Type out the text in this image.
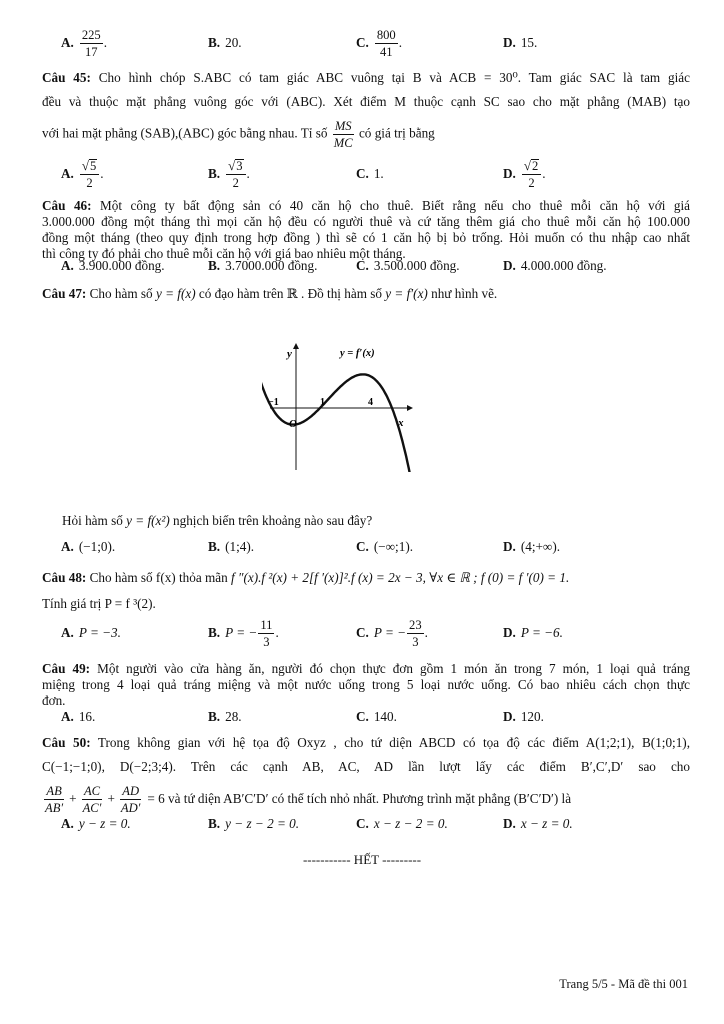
A. $\frac{225}{17}$ .	B. 20.	C. $\frac{800}{41}$ .	D. 15.
Câu 45: Cho hình chóp S.ABC có tam giác ABC vuông tại B và ACB = 30⁰. Tam giác SAC là tam giác
đều và thuộc mặt phẳng vuông góc với (ABC). Xét điểm M thuộc cạnh SC sao cho mặt phẳng (MAB) tạo
với hai mặt phẳng (SAB),(ABC) góc bằng nhau. Tỉ số $\frac{MS}{MC}$ có giá trị bằng
A. $\frac{√ 5}{2}$ .	B. $\frac{√ 3}{2}$ .	C. 1.	D. $\frac{√ 2}{2}$ .
Câu 46: Một công ty bất động sản có 40 căn hộ cho thuê. Biết rằng nếu cho thuê mỗi căn hộ với giá
3.000.000 đồng một tháng thì mọi căn hộ đều có người thuê và cứ tăng thêm giá cho thuê mỗi căn hộ 100.000
đồng một tháng (theo quy định trong hợp đồng ) thì sẽ có 1 căn hộ bị bỏ trống. Hỏi muốn có thu nhập cao nhất
thì công ty đó phải cho thuê mỗi căn hộ với giá bao nhiêu một tháng.
A. 3.900.000 đồng.	B. 3.7000.000 đồng.	C. 3.500.000 đồng.	D. 4.000.000 đồng.
Câu 47: Cho hàm số y = f(x) có đạo hàm trên ℝ . Đồ thị hàm số y = f′(x) như hình vẽ.
y
x
O
−1	1	4
y = f′(x)
Hỏi hàm số y = f(x²) nghịch biến trên khoảng nào sau đây?
A. (−1;0).	B. (1;4).	C. (−∞;1).	D. (4;+∞).
Câu 48: Cho hàm số f(x) thỏa mãn f ″(x).f ²(x) + 2[f ′(x)]².f (x) = 2x − 3, ∀x ∈ ℝ ; f (0) = f ′(0) = 1.
Tính giá trị P = f ³(2).
A. P = −3.	B. P = − $\frac{11}{3}$ .	C. P = − $\frac{23}{3}$ .	D. P = −6.
Câu 49: Một người vào cửa hàng ăn, người đó chọn thực đơn gồm 1 món ăn trong 7 món, 1 loại quả tráng
miệng trong 4 loại quả tráng miệng và một nước uống trong 5 loại nước uống. Có bao nhiêu cách chọn thực
đơn.
A. 16.	B. 28.	C. 140.	D. 120.
Câu 50: Trong không gian với hệ tọa độ Oxyz , cho tứ diện ABCD có tọa độ các điểm A(1;2;1), B(1;0;1),
C(−1;−1;0), D(−2;3;4). Trên các cạnh AB, AC, AD lần lượt lấy các điểm B′,C′,D′ sao cho
$\frac{AB}{AB'} + \frac{AC}{AC'} + \frac{AD}{AD'} = 6$ và tứ diện AB′C′D′ có thể tích nhỏ nhất. Phương trình mặt phẳng (B′C′D′) là
A. y − z = 0.	B. y − z − 2 = 0.	C. x − z − 2 = 0.	D. x − z = 0.
----------- HẾT ---------
Trang 5/5 - Mã đề thi 001
